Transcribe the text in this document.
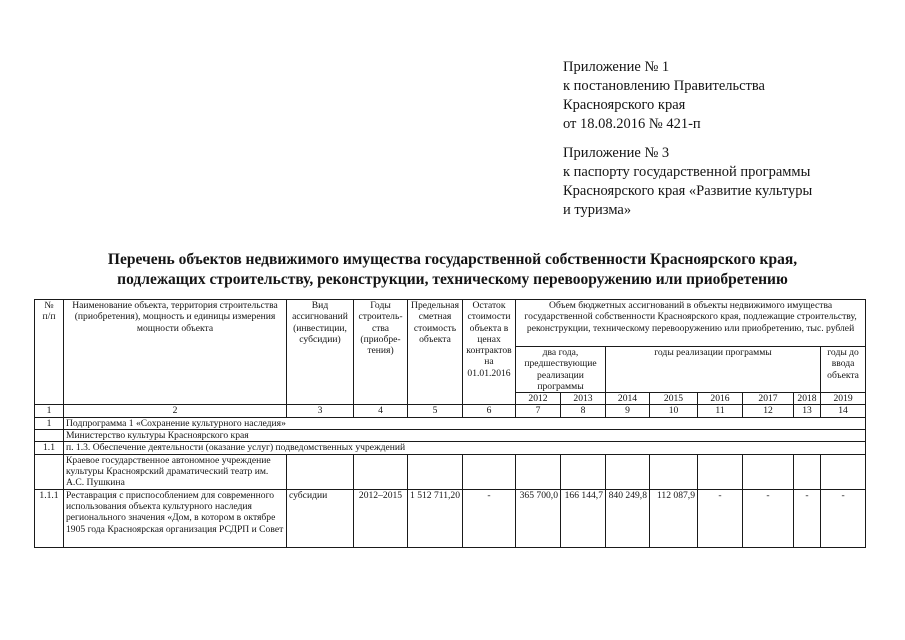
Приложение № 1
к постановлению Правительства
Красноярского края
от 18.08.2016 № 421-п
Приложение № 3
к паспорту государственной программы
Красноярского края «Развитие культуры
и туризма»
Перечень объектов недвижимого имущества государственной собственности Красноярского края,
подлежащих строительству, реконструкции, техническому перевооружению или приобретению
№
п/п	Наименование объекта, территория строительства (приобретения), мощность и единицы измерения мощности объекта	Вид ассигнований (инвестиции, субсидии)	Годы строитель-ства (приобре-тения)	Предельная сметная стоимость объекта	Остаток стоимости объекта в ценах контрактов на 01.01.2016	Объем бюджетных ассигнований в объекты недвижимого имущества государственной собственности Красноярского края, подлежащие строительству, реконструкции, техническому перевооружению или приобретению, тыс. рублей							
						два года, предшествующие реализации программы		годы реализации программы					годы до ввода объекта
						2012	2013	2014	2015	2016	2017	2018	2019
1	2	3	4	5	6	7	8	9	10	11	12	13	14
1	Подпрограмма 1 «Сохранение культурного наследия»												
	Министерство культуры Красноярского края												
1.1	п. 1.3. Обеспечение деятельности (оказание услуг) подведомственных учреждений												
	Краевое государственное автономное учреждение культуры Красноярский драматический театр им. А.С. Пушкина												
1.1.1	Реставрация с приспособлением для современного использования объекта культурного наследия регионального значения «Дом, в котором в октябре 1905 года Красноярская организация РСДРП и Совет	субсидии	2012–2015	1 512 711,20	-	365 700,0	166 144,7	840 249,8	112 087,9	-	-	-	-
